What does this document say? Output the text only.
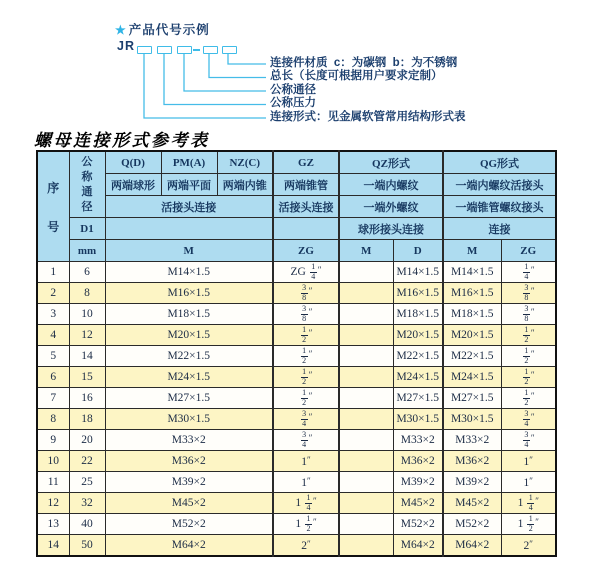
★ 产品代号示例
JR
连接件材质  c：为碳钢  b：为不锈钢
总长（长度可根据用户要求定制）
公称通径
公称压力
连接形式：见金属软管常用结构形式表
螺母连接形式参考表
序
号	公
称
通
径	Q(D)	PM(A)	NZ(C)	GZ	QZ形式		QG形式	
		两端球形	两端平面	两端内锥	两端锥管	一端内螺纹		一端内螺纹活接头	
		活接头连接			活接头连接	一端外螺纹		一端锥管螺纹接头	
	D1					球形接头连接		连接	
	mm	M			ZG	M	D	M	ZG
1	6	M14×1.5			ZG $\frac{1}{4}$ ″		M14×1.5	M14×1.5	$\frac{1}{4}$ ″
2	8	M16×1.5			$\frac{3}{8}$ ″		M16×1.5	M16×1.5	$\frac{3}{8}$ ″
3	10	M18×1.5			$\frac{3}{8}$ ″		M18×1.5	M18×1.5	$\frac{3}{8}$ ″
4	12	M20×1.5			$\frac{1}{2}$ ″		M20×1.5	M20×1.5	$\frac{1}{2}$ ″
5	14	M22×1.5			$\frac{1}{2}$ ″		M22×1.5	M22×1.5	$\frac{1}{2}$ ″
6	15	M24×1.5			$\frac{1}{2}$ ″		M24×1.5	M24×1.5	$\frac{1}{2}$ ″
7	16	M27×1.5			$\frac{1}{2}$ ″		M27×1.5	M27×1.5	$\frac{1}{2}$ ″
8	18	M30×1.5			$\frac{3}{4}$ ″		M30×1.5	M30×1.5	$\frac{3}{4}$ ″
9	20	M33×2			$\frac{3}{4}$ ″		M33×2	M33×2	$\frac{3}{4}$ ″
10	22	M36×2			1″		M36×2	M36×2	1″
11	25	M39×2			1″		M39×2	M39×2	1″
12	32	M45×2			$1 \frac{1}{4}$ ″		M45×2	M45×2	$1 \frac{1}{4}$ ″
13	40	M52×2			$1 \frac{1}{2}$ ″		M52×2	M52×2	$1 \frac{1}{2}$ ″
14	50	M64×2			2″		M64×2	M64×2	2″
